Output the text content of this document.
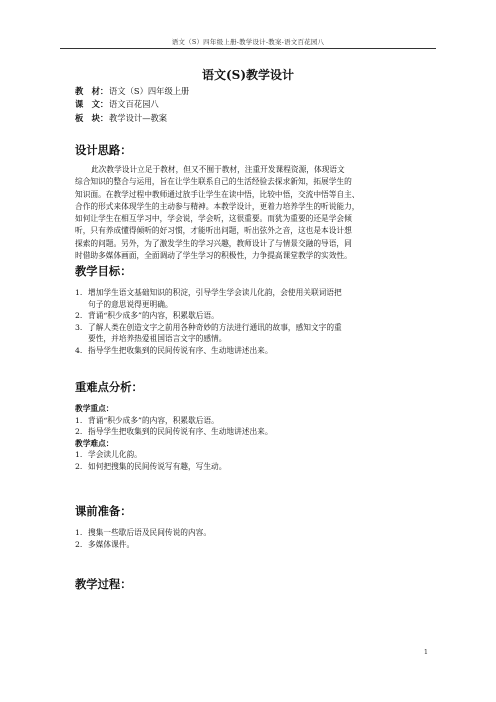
语文（S）四年级上册-教学设计-教案-语文百花园八
语文(S)教学设计
教　材：语文（S）四年级上册
课　文：语文百花园八
板　块：教学设计—教案
设计思路：
此次教学设计立足于教材，但又不囿于教材，注重开发课程资源，体现语文
综合知识的整合与运用，旨在让学生联系自己的生活经验去探求新知，拓展学生的
知识面。在教学过程中教师通过放手让学生在读中悟，比较中悟，交流中悟等自主、
合作的形式来体现学生的主动参与精神。本教学设计，更着力培养学生的听说能力，
如何让学生在相互学习中，学会说，学会听，这很重要。而犹为重要的还是学会倾
听，只有养成懂得倾听的好习惯，才能听出问题，听出弦外之音，这也是本设计想
探索的问题。另外，为了激发学生的学习兴趣，教师设计了与情景交融的导语，同
时借助多媒体画面，全面调动了学生学习的积极性，力争提高课堂教学的实效性。
教学目标：
1. 增加学生语文基础知识的积淀，引导学生学会读儿化韵，会使用关联词语把
句子的意思说得更明确。
2. 背诵“积少成多”的内容，积累歇后语。
3. 了解人类在创造文字之前用各种奇妙的方法进行通讯的故事，感知文字的重
要性，并培养热爱祖国语言文字的感情。
4. 指导学生把收集到的民间传说有序、生动地讲述出来。
重难点分析：
教学重点：
1. 背诵“积少成多”的内容，积累歇后语。
2. 指导学生把收集到的民间传说有序、生动地讲述出来。
教学难点：
1. 学会读儿化韵。
2. 如何把搜集的民间传说写有趣，写生动。
课前准备：
1. 搜集一些歇后语及民间传说的内容。
2. 多媒体课件。
教学过程：
1
